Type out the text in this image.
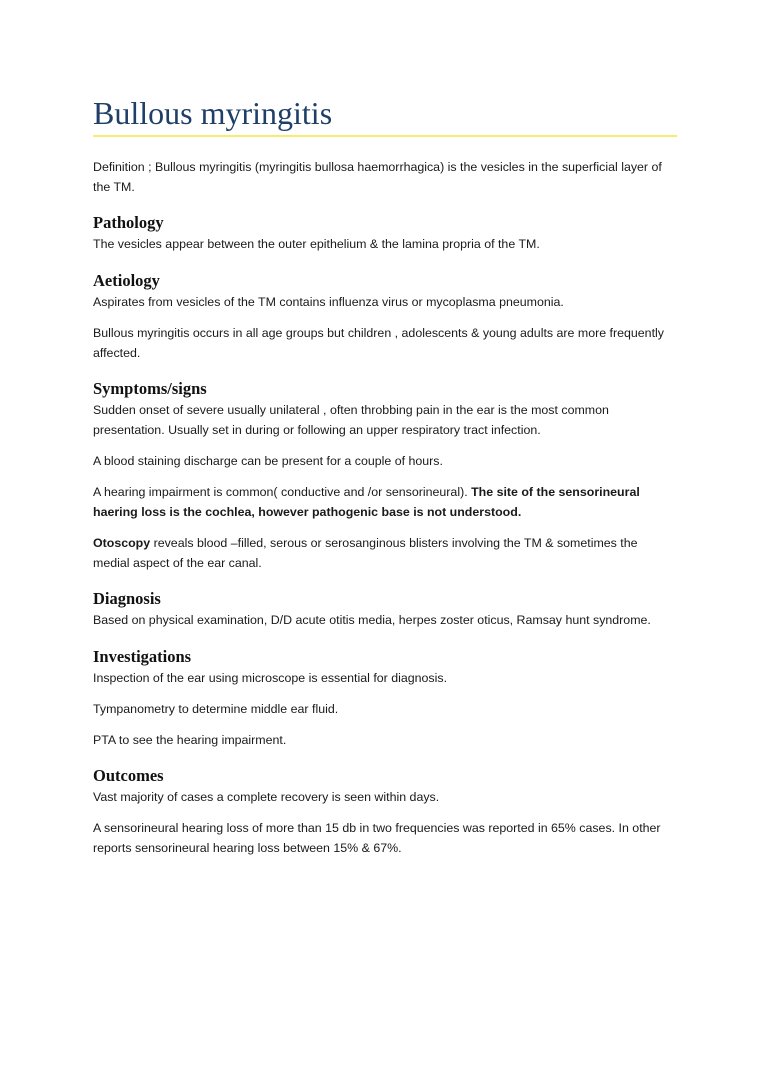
Bullous myringitis

Definition ; Bullous myringitis (myringitis bullosa haemorrhagica) is the vesicles in the superficial layer of the TM.

Pathology

The vesicles appear between the outer epithelium & the lamina propria of the TM.

Aetiology

Aspirates from vesicles of the TM contains influenza virus or mycoplasma pneumonia.

Bullous myringitis occurs in all age groups but children , adolescents & young adults are more frequently affected.

Symptoms/signs

Sudden onset of severe usually unilateral , often throbbing pain in the ear is the most common presentation. Usually set in during or following an upper respiratory tract infection.

A blood staining discharge can be present for a couple of hours.

A hearing impairment is common( conductive and /or sensorineural). The site of the sensorineural haering loss is the cochlea, however pathogenic base is not understood.

Otoscopy reveals blood –filled, serous or serosanginous blisters involving the TM & sometimes the medial aspect of the ear canal.

Diagnosis

Based on physical examination, D/D acute otitis media, herpes zoster oticus, Ramsay hunt syndrome.

Investigations

Inspection of the ear using microscope is essential for diagnosis.

Tympanometry to determine middle ear fluid.

PTA to see the hearing impairment.

Outcomes

Vast majority of cases a complete recovery is seen within days.

A sensorineural hearing loss of more than 15 db in two frequencies was reported in 65% cases. In other reports sensorineural hearing loss between 15% & 67%.
